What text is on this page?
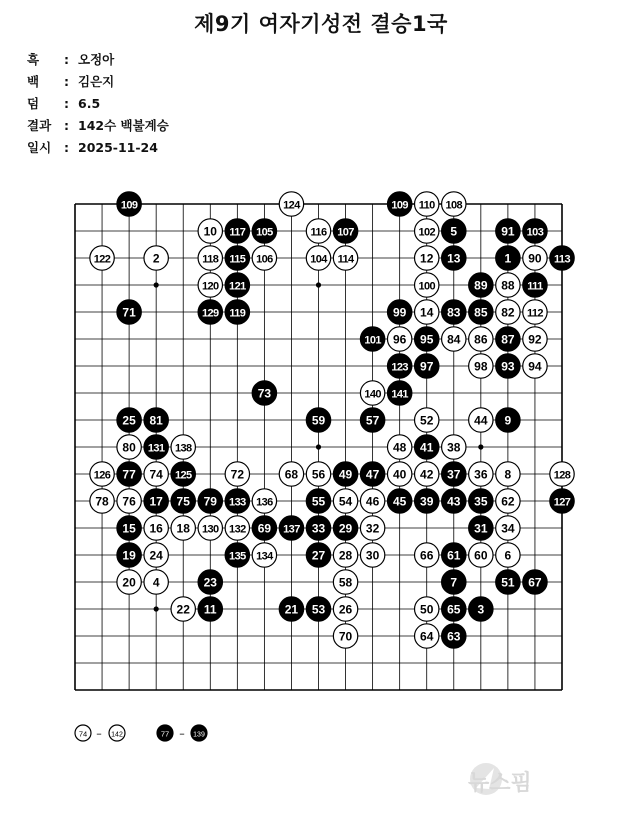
제9기 여자기성전 결승1국
흑 : 오정아
백 : 김은지
덤 : 6.5
결과 : 142수 백불계승
일시 : 2025-11-24
109	124	109 110 108
10 117 105	116 107	102 5	91 103
122	2	118 115 106	104 114	12 13	1 90 113
120 121	100	89 88 111
71	129 119	99 14 83 85 82 112
101 96 95 84 86 87 92
123 97	98 93 94
73	140 141
25 81	59	57	52	44 9
80 131 138	48 41 38
126 77 74 125	72	68 56 49 47 40 42 37 36 8	128
78 76 17 75 79 133 136	55 54 46 45 39 43 35 62	127
15 16 18 130 132 69 137 33 29 32	31 34
19 24	135 134	27 28 30	66 61 60 6
20 4	23	58	7	51 67
22 11	21 53 26	50 65 3
70	64 63
74 – 142	77 – 139
뉴스핌
